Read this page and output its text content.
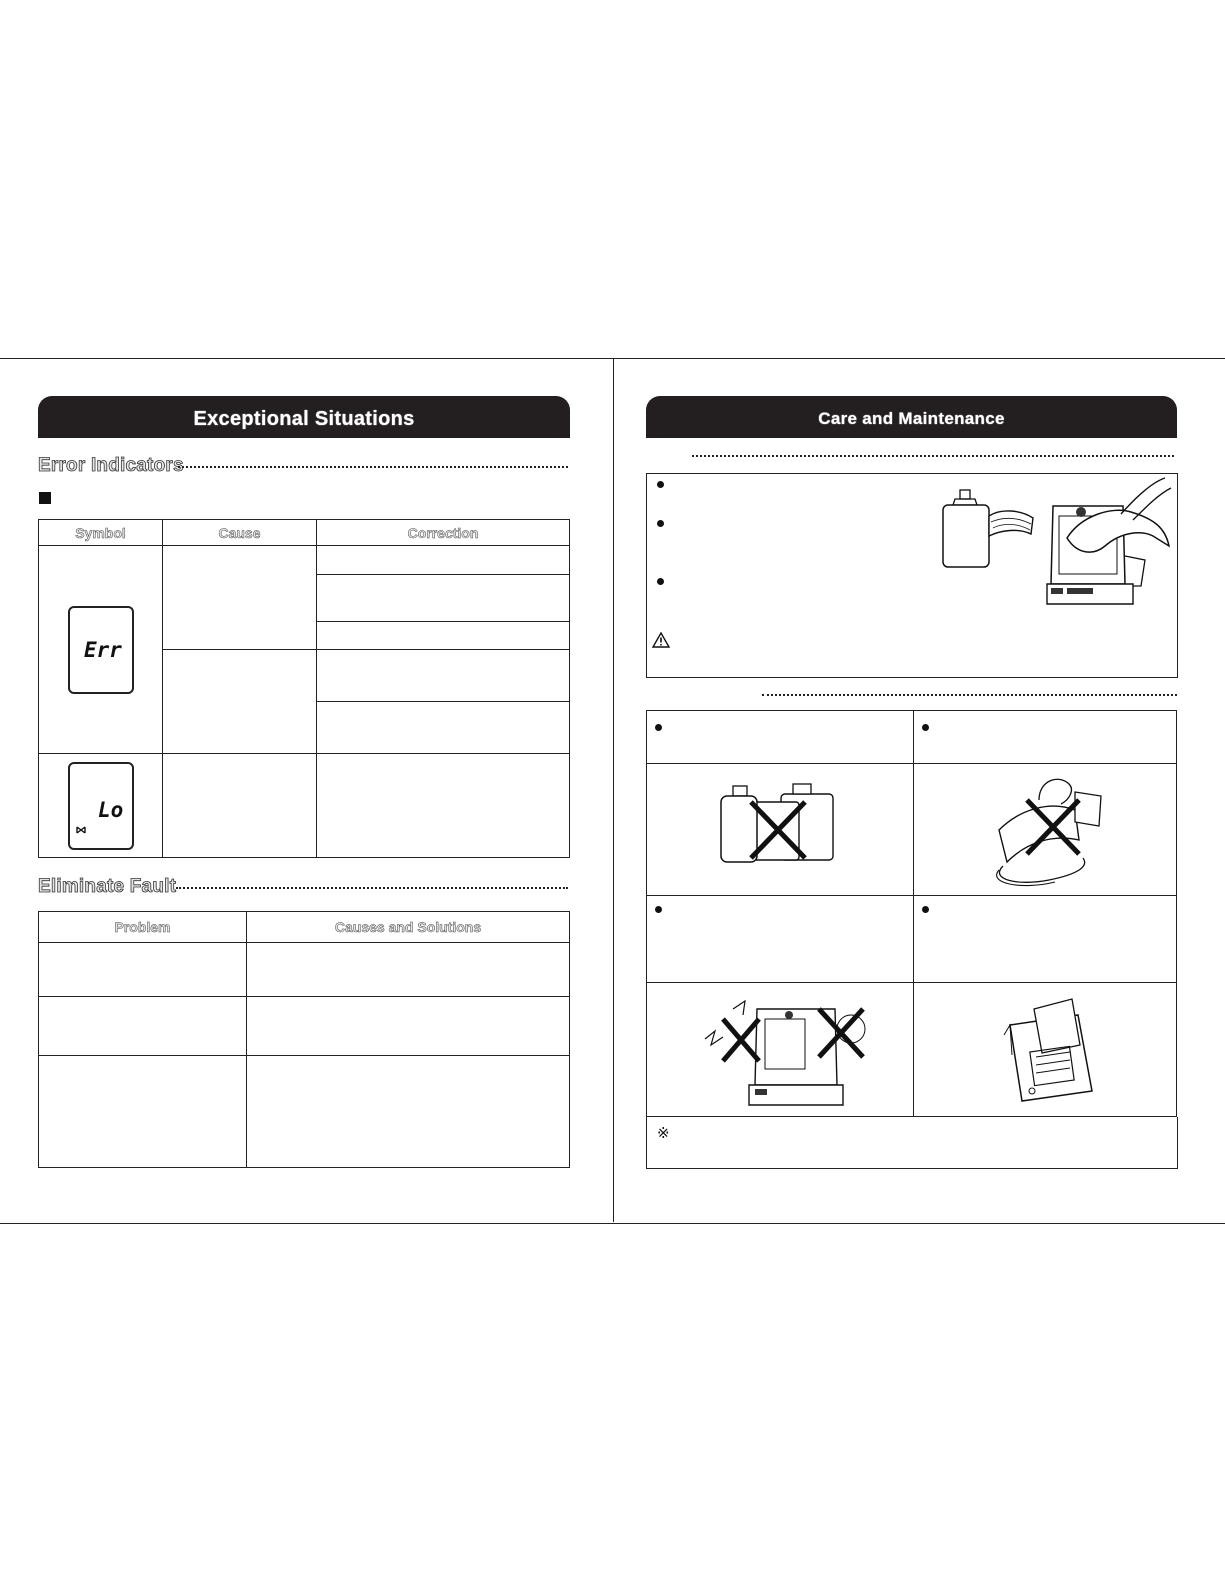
Exceptional Situations
Error Indicators
Symbol	Cause	Correction

Err		

Lo		

Eliminate Fault
Problem	Causes and Solutions

Care and Maintenance

※
